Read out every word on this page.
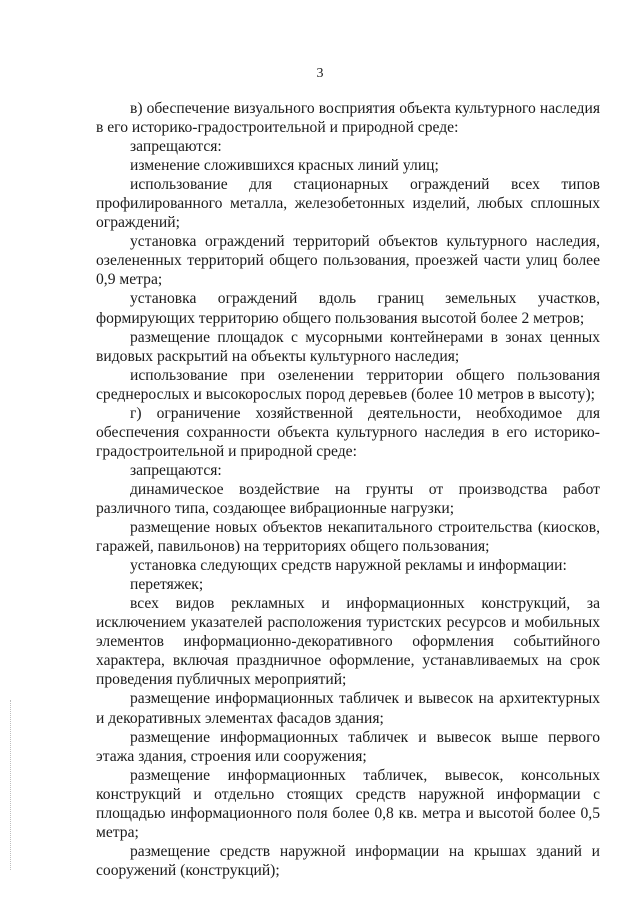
3

в) обеспечение визуального восприятия объекта культурного наследия в его историко-градостроительной и природной среде:

запрещаются:

изменение сложившихся красных линий улиц;

использование для стационарных ограждений всех типов профилированного металла, железобетонных изделий, любых сплошных ограждений;

установка ограждений территорий объектов культурного наследия, озелененных территорий общего пользования, проезжей части улиц более 0,9 метра;

установка ограждений вдоль границ земельных участков, формирующих территорию общего пользования высотой более 2 метров;

размещение площадок с мусорными контейнерами в зонах ценных видовых раскрытий на объекты культурного наследия;

использование при озеленении территории общего пользования среднерослых и высокорослых пород деревьев (более 10 метров в высоту);

г) ограничение хозяйственной деятельности, необходимое для обеспечения сохранности объекта культурного наследия в его историко-градостроительной и природной среде:

запрещаются:

динамическое воздействие на грунты от производства работ различного типа, создающее вибрационные нагрузки;

размещение новых объектов некапитального строительства (киосков, гаражей, павильонов) на территориях общего пользования;

установка следующих средств наружной рекламы и информации:

перетяжек;

всех видов рекламных и информационных конструкций, за исключением указателей расположения туристских ресурсов и мобильных элементов информационно-декоративного оформления событийного характера, включая праздничное оформление, устанавливаемых на срок проведения публичных мероприятий;

размещение информационных табличек и вывесок на архитектурных и декоративных элементах фасадов здания;

размещение информационных табличек и вывесок выше первого этажа здания, строения или сооружения;

размещение информационных табличек, вывесок, консольных конструкций и отдельно стоящих средств наружной информации с площадью информационного поля более 0,8 кв. метра и высотой более 0,5 метра;

размещение средств наружной информации на крышах зданий и сооружений (конструкций);
